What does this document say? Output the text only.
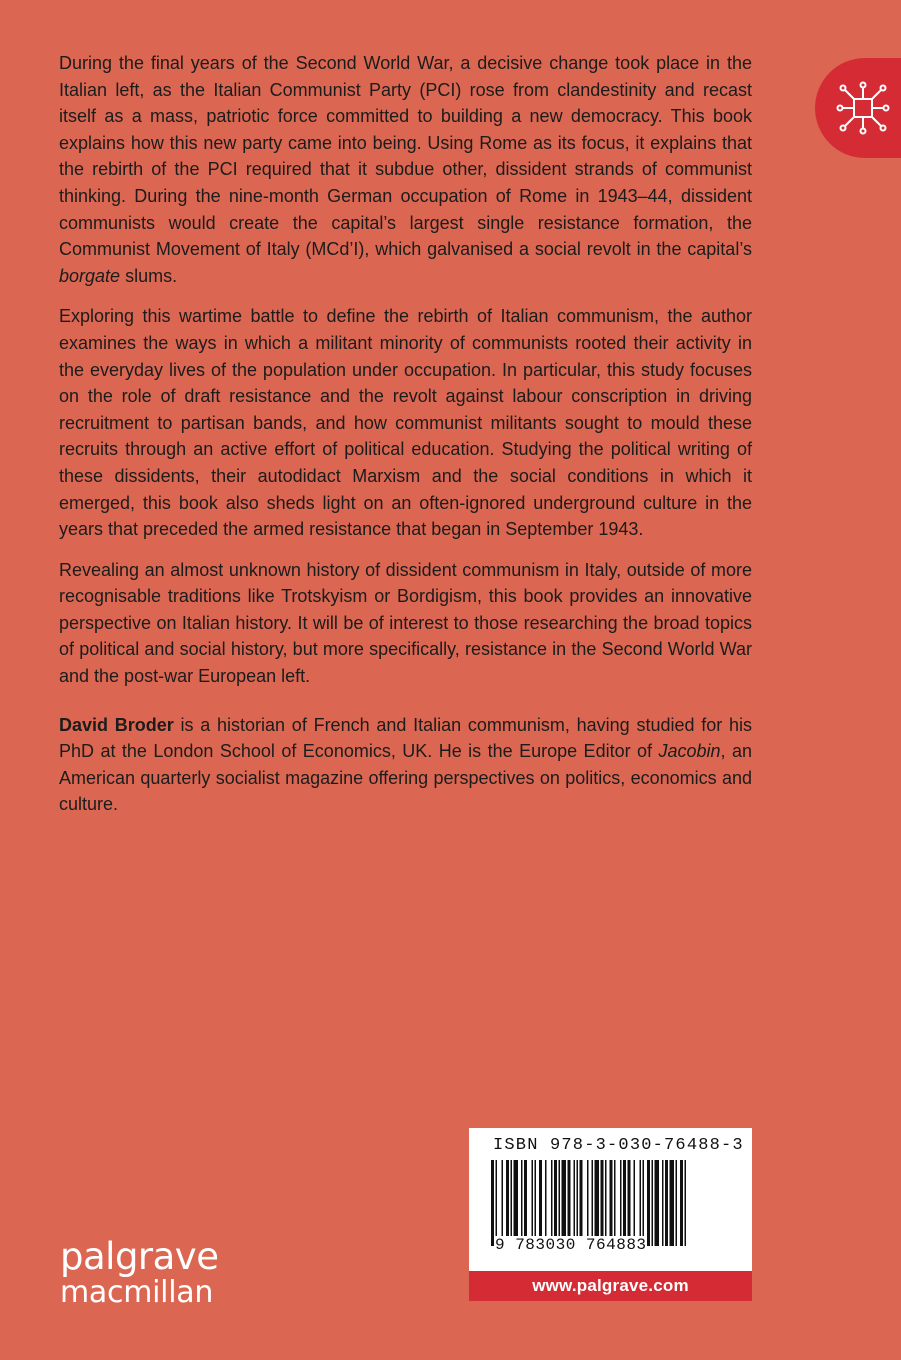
During the final years of the Second World War, a decisive change took place in the Italian left, as the Italian Communist Party (PCI) rose from clandestinity and recast itself as a mass, patriotic force committed to building a new democracy. This book explains how this new party came into being. Using Rome as its focus, it explains that the rebirth of the PCI required that it subdue other, dissident strands of communist thinking. During the nine-month German occupation of Rome in 1943–44, dissident communists would create the capital’s largest single resistance formation, the Communist Movement of Italy (MCd’I), which galvanised a social revolt in the capital’s borgate slums.

Exploring this wartime battle to define the rebirth of Italian communism, the author examines the ways in which a militant minority of communists rooted their activity in the everyday lives of the population under occupation. In particular, this study focuses on the role of draft resistance and the revolt against labour conscription in driving recruitment to partisan bands, and how communist militants sought to mould these recruits through an active effort of political education. Studying the political writing of these dissidents, their autodidact Marxism and the social conditions in which it emerged, this book also sheds light on an often-ignored underground culture in the years that preceded the armed resistance that began in September 1943.

Revealing an almost unknown history of dissident communism in Italy, outside of more recognisable traditions like Trotskyism or Bordigism, this book provides an innovative perspective on Italian history. It will be of interest to those researching the broad topics of political and social history, but more specifically, resistance in the Second World War and the post-war European left.

David Broder is a historian of French and Italian communism, having studied for his PhD at the London School of Economics, UK. He is the Europe Editor of Jacobin, an American quarterly socialist magazine offering perspectives on politics, economics and culture.

palgrave
macmillan
ISBN 978-3-030-76488-3
9 783030 764883
www.palgrave.com
